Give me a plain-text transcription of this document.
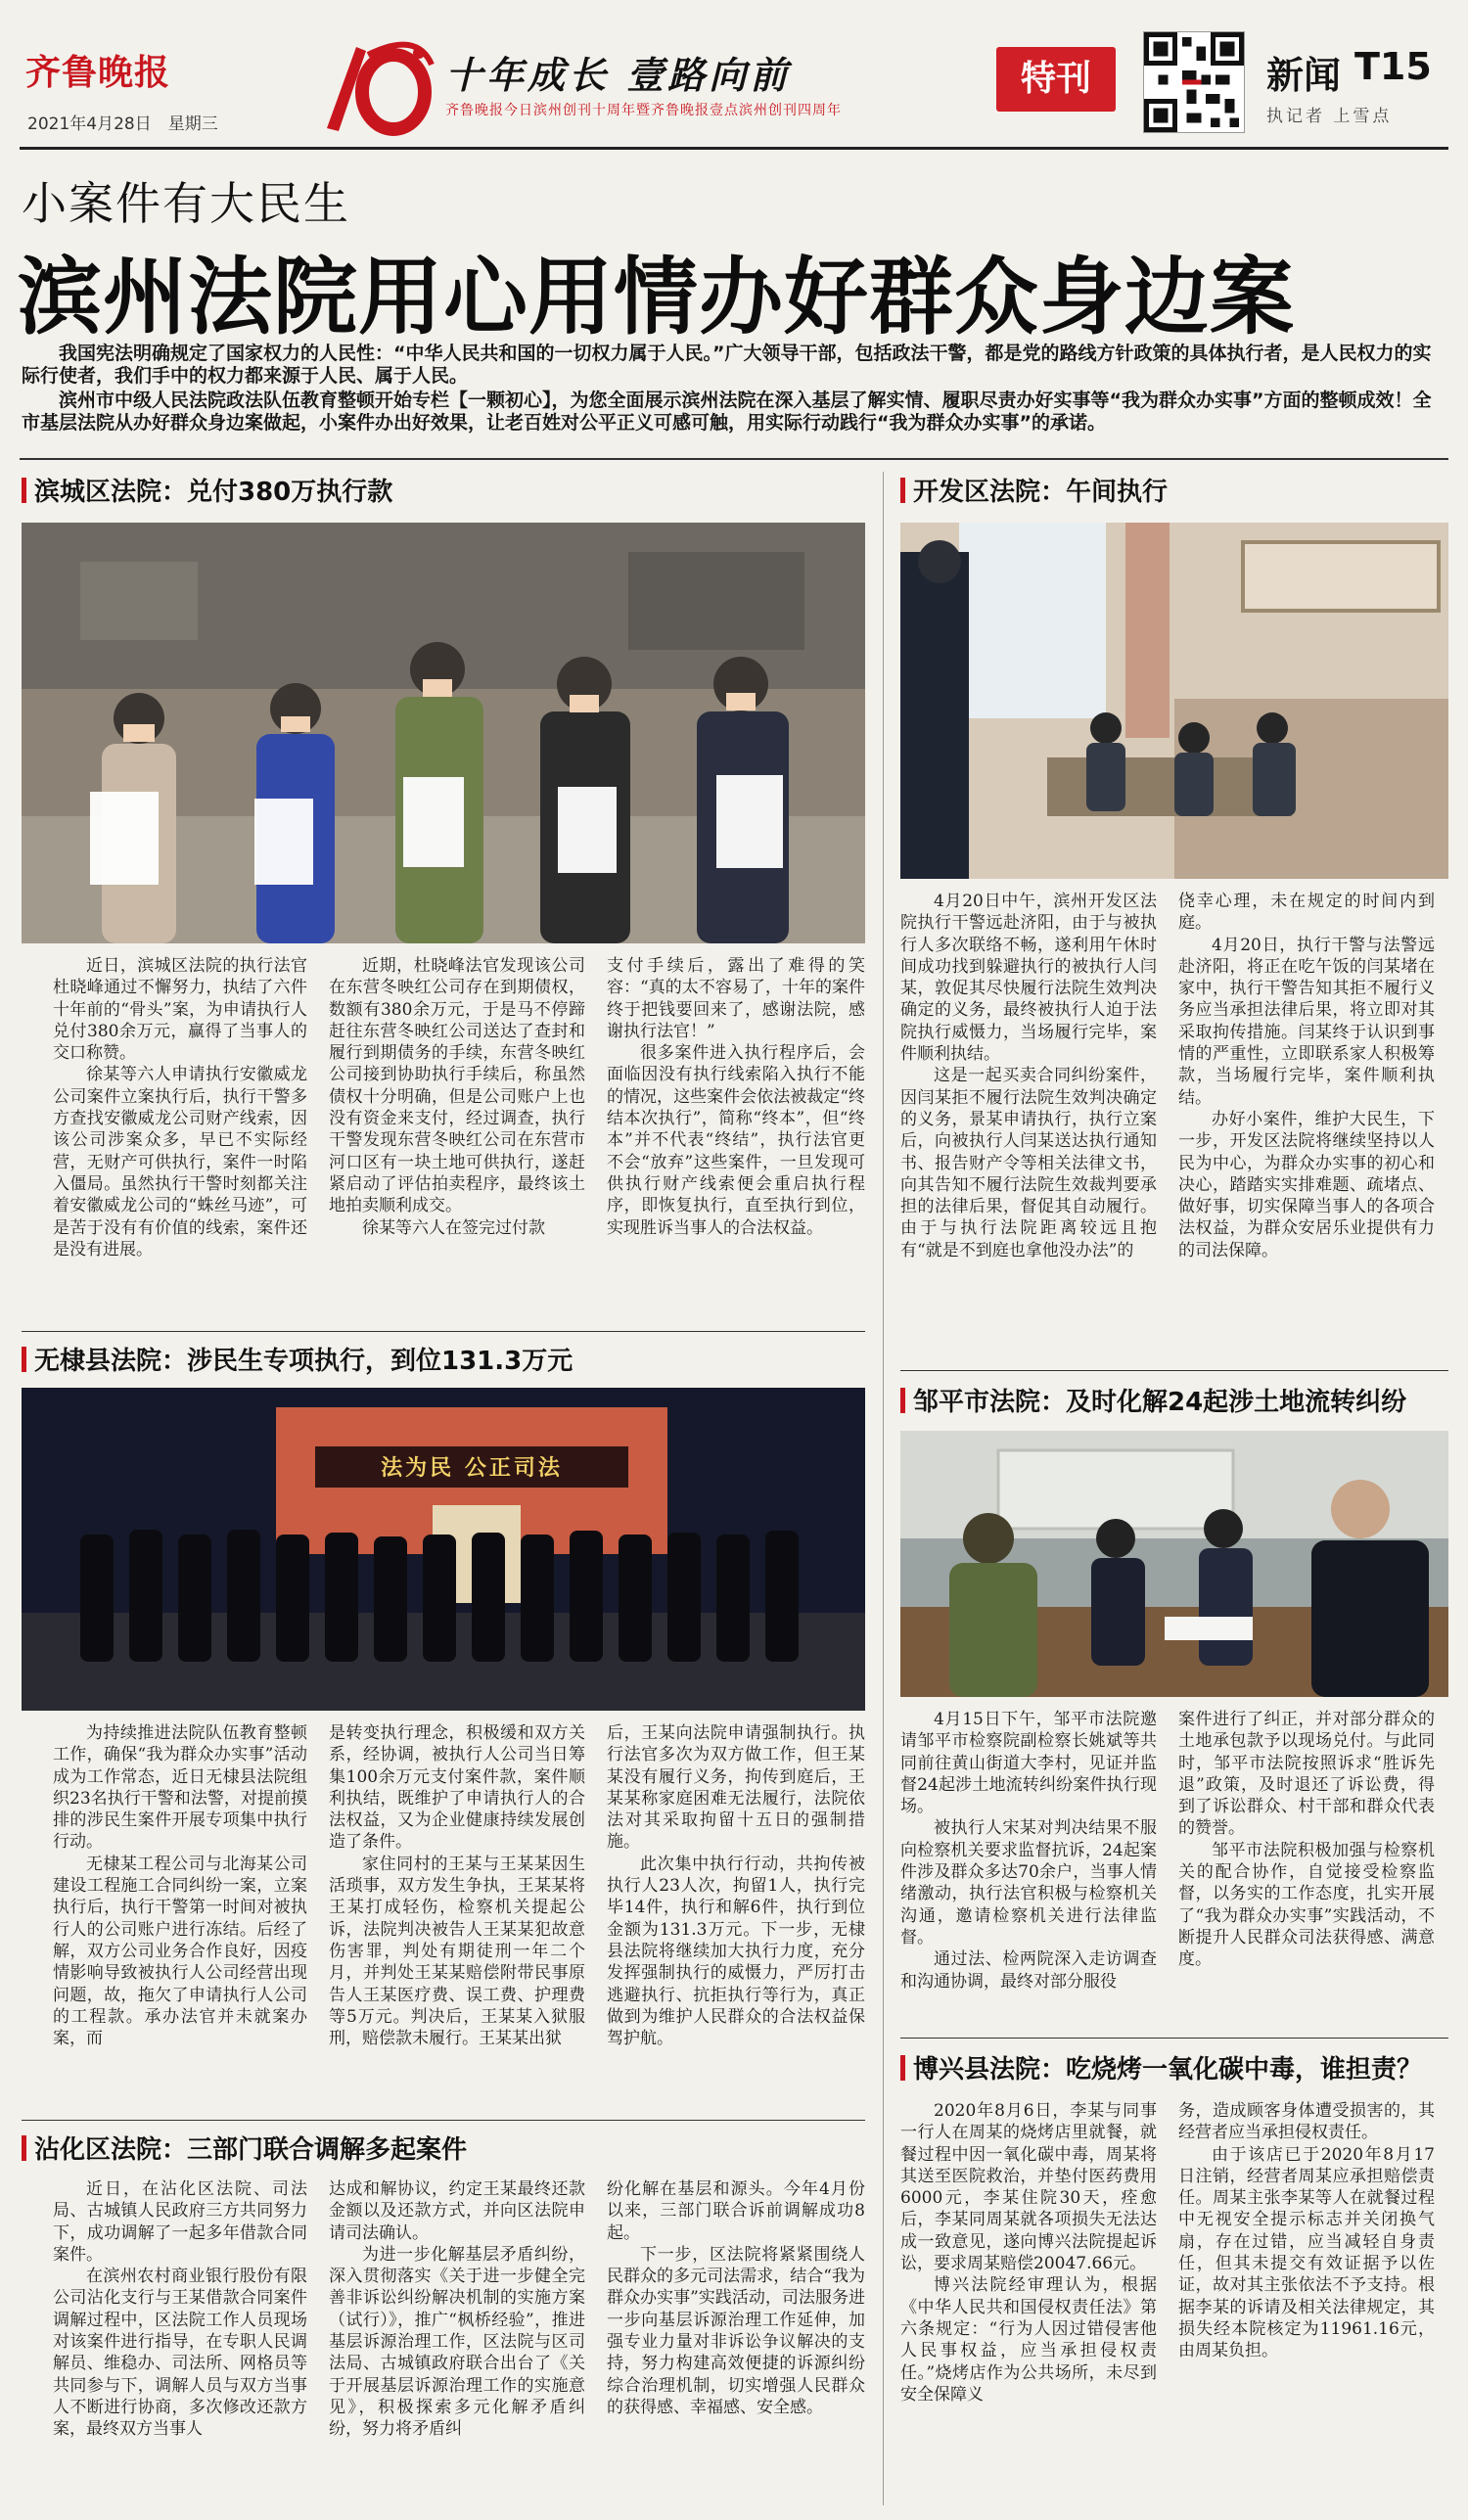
齐鲁晚报
2021年4月28日　 星期三
十年成长 壹路向前
齐鲁晚报今日滨州创刊十周年暨齐鲁晚报壹点滨州创刊四周年
特刊	新闻 T15
执记者 上雪点
小案件有大民生
滨州法院用心用情办好群众身边案
我国宪法明确规定了国家权力的人民性：“中华人民共和国的一切权力属于人民。”广大领导干部，包括政法干警，都是党的路线方针政策的具体执行者，是人民权力的实际行使者，我们手中的权力都来源于人民、属于人民。
滨州市中级人民法院政法队伍教育整顿开始专栏【一颗初心】，为您全面展示滨州法院在深入基层了解实情、履职尽责办好实事等“我为群众办实事”方面的整顿成效！全市基层法院从办好群众身边案做起，小案件办出好效果，让老百姓对公平正义可感可触，用实际行动践行“我为群众办实事”的承诺。
滨城区法院：兑付380万执行款

近日，滨城区法院的执行法官杜晓峰通过不懈努力，执结了六件十年前的“骨头”案，为申请执行人兑付380余万元，赢得了当事人的交口称赞。

徐某等六人申请执行安徽威龙公司案件立案执行后，执行干警多方查找安徽威龙公司财产线索，因该公司涉案众多，早已不实际经营，无财产可供执行，案件一时陷入僵局。虽然执行干警时刻都关注着安徽威龙公司的“蛛丝马迹”，可是苦于没有有价值的线索，案件还是没有进展。

近期，杜晓峰法官发现该公司在东营冬映红公司存在到期债权，数额有380余万元，于是马不停蹄赶往东营冬映红公司送达了查封和履行到期债务的手续，东营冬映红公司接到协助执行手续后，称虽然债权十分明确，但是公司账户上也没有资金来支付，经过调查，执行干警发现东营冬映红公司在东营市河口区有一块土地可供执行，遂赶紧启动了评估拍卖程序，最终该土地拍卖顺利成交。

徐某等六人在签完过付款

支付手续后，露出了难得的笑容：“真的太不容易了，十年的案件终于把钱要回来了，感谢法院，感谢执行法官！”

很多案件进入执行程序后，会面临因没有执行线索陷入执行不能的情况，这些案件会依法被裁定“终结本次执行”，简称“终本”，但“终本”并不代表“终结”，执行法官更不会“放弃”这些案件，一旦发现可供执行财产线索便会重启执行程序，即恢复执行，直至执行到位，实现胜诉当事人的合法权益。

开发区法院：午间执行

4月20日中午，滨州开发区法院执行干警远赴济阳，由于与被执行人多次联络不畅，遂利用午休时间成功找到躲避执行的被执行人闫某，敦促其尽快履行法院生效判决确定的义务，最终被执行人迫于法院执行威慑力，当场履行完毕，案件顺利执结。

这是一起买卖合同纠纷案件，因闫某拒不履行法院生效判决确定的义务，景某申请执行，执行立案后，向被执行人闫某送达执行通知书、报告财产令等相关法律文书，向其告知不履行法院生效裁判要承担的法律后果，督促其自动履行。由于与执行法院距离较远且抱有“就是不到庭也拿他没办法”的

侥幸心理，未在规定的时间内到庭。

4月20日，执行干警与法警远赴济阳，将正在吃午饭的闫某堵在家中，执行干警告知其拒不履行义务应当承担法律后果，将立即对其采取拘传措施。闫某终于认识到事情的严重性，立即联系家人积极筹款，当场履行完毕，案件顺利执结。

办好小案件，维护大民生，下一步，开发区法院将继续坚持以人民为中心，为群众办实事的初心和决心，踏踏实实排难题、疏堵点、做好事，切实保障当事人的各项合法权益，为群众安居乐业提供有力的司法保障。

无棣县法院：涉民生专项执行，到位131.3万元
法为民 公正司法

为持续推进法院队伍教育整顿工作，确保“我为群众办实事”活动成为工作常态，近日无棣县法院组织23名执行干警和法警，对提前摸排的涉民生案件开展专项集中执行行动。

无棣某工程公司与北海某公司建设工程施工合同纠纷一案，立案执行后，执行干警第一时间对被执行人的公司账户进行冻结。后经了解，双方公司业务合作良好，因疫情影响导致被执行人公司经营出现问题，故，拖欠了申请执行人公司的工程款。承办法官并未就案办案，而

是转变执行理念，积极缓和双方关系，经协调，被执行人公司当日筹集100余万元支付案件款，案件顺利执结，既维护了申请执行人的合法权益，又为企业健康持续发展创造了条件。

家住同村的王某与王某某因生活琐事，双方发生争执，王某某将王某打成轻伤，检察机关提起公诉，法院判决被告人王某某犯故意伤害罪，判处有期徒刑一年二个月，并判处王某某赔偿附带民事原告人王某医疗费、误工费、护理费等5万元。判决后，王某某入狱服刑，赔偿款未履行。王某某出狱

后，王某向法院申请强制执行。执行法官多次为双方做工作，但王某某没有履行义务，拘传到庭后，王某某称家庭困难无法履行，法院依法对其采取拘留十五日的强制措施。

此次集中执行行动，共拘传被执行人23人次，拘留1人，执行完毕14件，执行和解6件，执行到位金额为131.3万元。下一步，无棣县法院将继续加大执行力度，充分发挥强制执行的威慑力，严厉打击逃避执行、抗拒执行等行为，真正做到为维护人民群众的合法权益保驾护航。

邹平市法院：及时化解24起涉土地流转纠纷

4月15日下午，邹平市法院邀请邹平市检察院副检察长姚斌等共同前往黄山街道大李村，见证并监督24起涉土地流转纠纷案件执行现场。

被执行人宋某对判决结果不服向检察机关要求监督抗诉，24起案件涉及群众多达70余户，当事人情绪激动，执行法官积极与检察机关沟通，邀请检察机关进行法律监督。

通过法、检两院深入走访调查和沟通协调，最终对部分服役

案件进行了纠正，并对部分群众的土地承包款予以现场兑付。与此同时，邹平市法院按照诉求“胜诉先退”政策，及时退还了诉讼费，得到了诉讼群众、村干部和群众代表的赞誉。

邹平市法院积极加强与检察机关的配合协作，自觉接受检察监督，以务实的工作态度，扎实开展了“我为群众办实事”实践活动，不断提升人民群众司法获得感、满意度。

博兴县法院：吃烧烤一氧化碳中毒，谁担责？

2020年8月6日，李某与同事一行人在周某的烧烤店里就餐，就餐过程中因一氧化碳中毒，周某将其送至医院救治，并垫付医药费用6000元，李某住院30天，痊愈后，李某同周某就各项损失无法达成一致意见，遂向博兴法院提起诉讼，要求周某赔偿20047.66元。

博兴法院经审理认为，根据《中华人民共和国侵权责任法》第六条规定：“行为人因过错侵害他人民事权益，应当承担侵权责任。”烧烤店作为公共场所，未尽到安全保障义

务，造成顾客身体遭受损害的，其经营者应当承担侵权责任。

由于该店已于2020年8月17日注销，经营者周某应承担赔偿责任。周某主张李某等人在就餐过程中无视安全提示标志并关闭换气扇，存在过错，应当减轻自身责任，但其未提交有效证据予以佐证，故对其主张依法不予支持。根据李某的诉请及相关法律规定，其损失经本院核定为11961.16元，由周某负担。

沾化区法院：三部门联合调解多起案件

近日，在沾化区法院、司法局、古城镇人民政府三方共同努力下，成功调解了一起多年借款合同案件。

在滨州农村商业银行股份有限公司沾化支行与王某借款合同案件调解过程中，区法院工作人员现场对该案件进行指导，在专职人民调解员、维稳办、司法所、网格员等共同参与下，调解人员与双方当事人不断进行协商，多次修改还款方案，最终双方当事人

达成和解协议，约定王某最终还款金额以及还款方式，并向区法院申请司法确认。

为进一步化解基层矛盾纠纷，深入贯彻落实《关于进一步健全完善非诉讼纠纷解决机制的实施方案（试行）》，推广“枫桥经验”，推进基层诉源治理工作，区法院与区司法局、古城镇政府联合出台了《关于开展基层诉源治理工作的实施意见》，积极探索多元化解矛盾纠纷，努力将矛盾纠

纷化解在基层和源头。今年4月份以来，三部门联合诉前调解成功8起。

下一步，区法院将紧紧围绕人民群众的多元司法需求，结合“我为群众办实事”实践活动，司法服务进一步向基层诉源治理工作延伸，加强专业力量对非诉讼争议解决的支持，努力构建高效便捷的诉源纠纷综合治理机制，切实增强人民群众的获得感、幸福感、安全感。
